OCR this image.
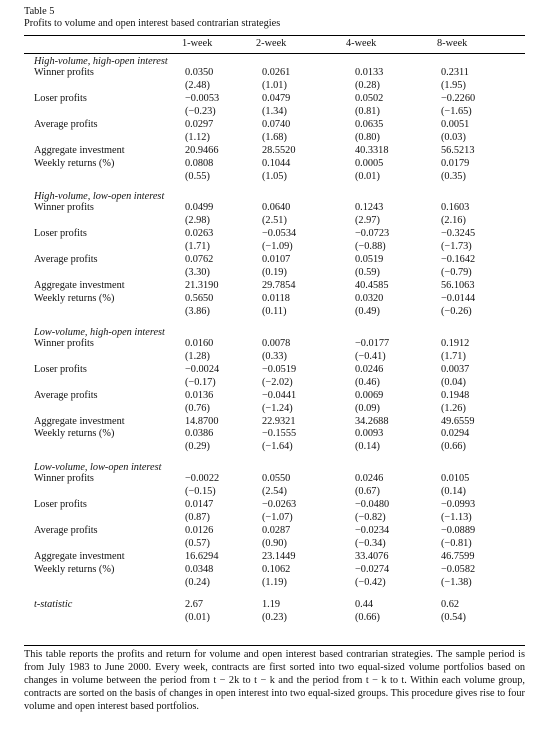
Table 5
Profits to volume and open interest based contrarian strategies
1-week	2-week	4-week	8-week
High-volume, high-open interest
Winner profits	0.0350	0.0261	0.0133	0.2311
(2.48)	(1.01)	(0.28)	(1.95)
Loser profits	−0.0053	0.0479	0.0502	−0.2260
(−0.23)	(1.34)	(0.81)	(−1.65)
Average profits	0.0297	0.0740	0.0635	0.0051
(1.12)	(1.68)	(0.80)	(0.03)
Aggregate investment	20.9466	28.5520	40.3318	56.5213
Weekly returns (%)	0.0808	0.1044	0.0005	0.0179
(0.55)	(1.05)	(0.01)	(0.35)
High-volume, low-open interest
Winner profits	0.0499	0.0640	0.1243	0.1603
(2.98)	(2.51)	(2.97)	(2.16)
Loser profits	0.0263	−0.0534	−0.0723	−0.3245
(1.71)	(−1.09)	(−0.88)	(−1.73)
Average profits	0.0762	0.0107	0.0519	−0.1642
(3.30)	(0.19)	(0.59)	(−0.79)
Aggregate investment	21.3190	29.7854	40.4585	56.1063
Weekly returns (%)	0.5650	0.0118	0.0320	−0.0144
(3.86)	(0.11)	(0.49)	(−0.26)
Low-volume, high-open interest
Winner profits	0.0160	0.0078	−0.0177	0.1912
(1.28)	(0.33)	(−0.41)	(1.71)
Loser profits	−0.0024	−0.0519	0.0246	0.0037
(−0.17)	(−2.02)	(0.46)	(0.04)
Average profits	0.0136	−0.0441	0.0069	0.1948
(0.76)	(−1.24)	(0.09)	(1.26)
Aggregate investment	14.8700	22.9321	34.2688	49.6559
Weekly returns (%)	0.0386	−0.1555	0.0093	0.0294
(0.29)	(−1.64)	(0.14)	(0.66)
Low-volume, low-open interest
Winner profits	−0.0022	0.0550	0.0246	0.0105
(−0.15)	(2.54)	(0.67)	(0.14)
Loser profits	0.0147	−0.0263	−0.0480	−0.0993
(0.87)	(−1.07)	(−0.82)	(−1.13)
Average profits	0.0126	0.0287	−0.0234	−0.0889
(0.57)	(0.90)	(−0.34)	(−0.81)
Aggregate investment	16.6294	23.1449	33.4076	46.7599
Weekly returns (%)	0.0348	0.1062	−0.0274	−0.0582
(0.24)	(1.19)	(−0.42)	(−1.38)
t-statistic	2.67	1.19	0.44	0.62
(0.01)	(0.23)	(0.66)	(0.54)
This table reports the profits and return for volume and open interest based contrarian strategies. The sample period is from July 1983 to June 2000. Every week, contracts are first sorted into two equal-sized volume portfolios based on changes in volume between the period from t − 2k to t − k and the period from t − k to t. Within each volume group, contracts are sorted on the basis of changes in open interest into two equal-sized groups. This procedure gives rise to four volume and open interest based portfolios.
